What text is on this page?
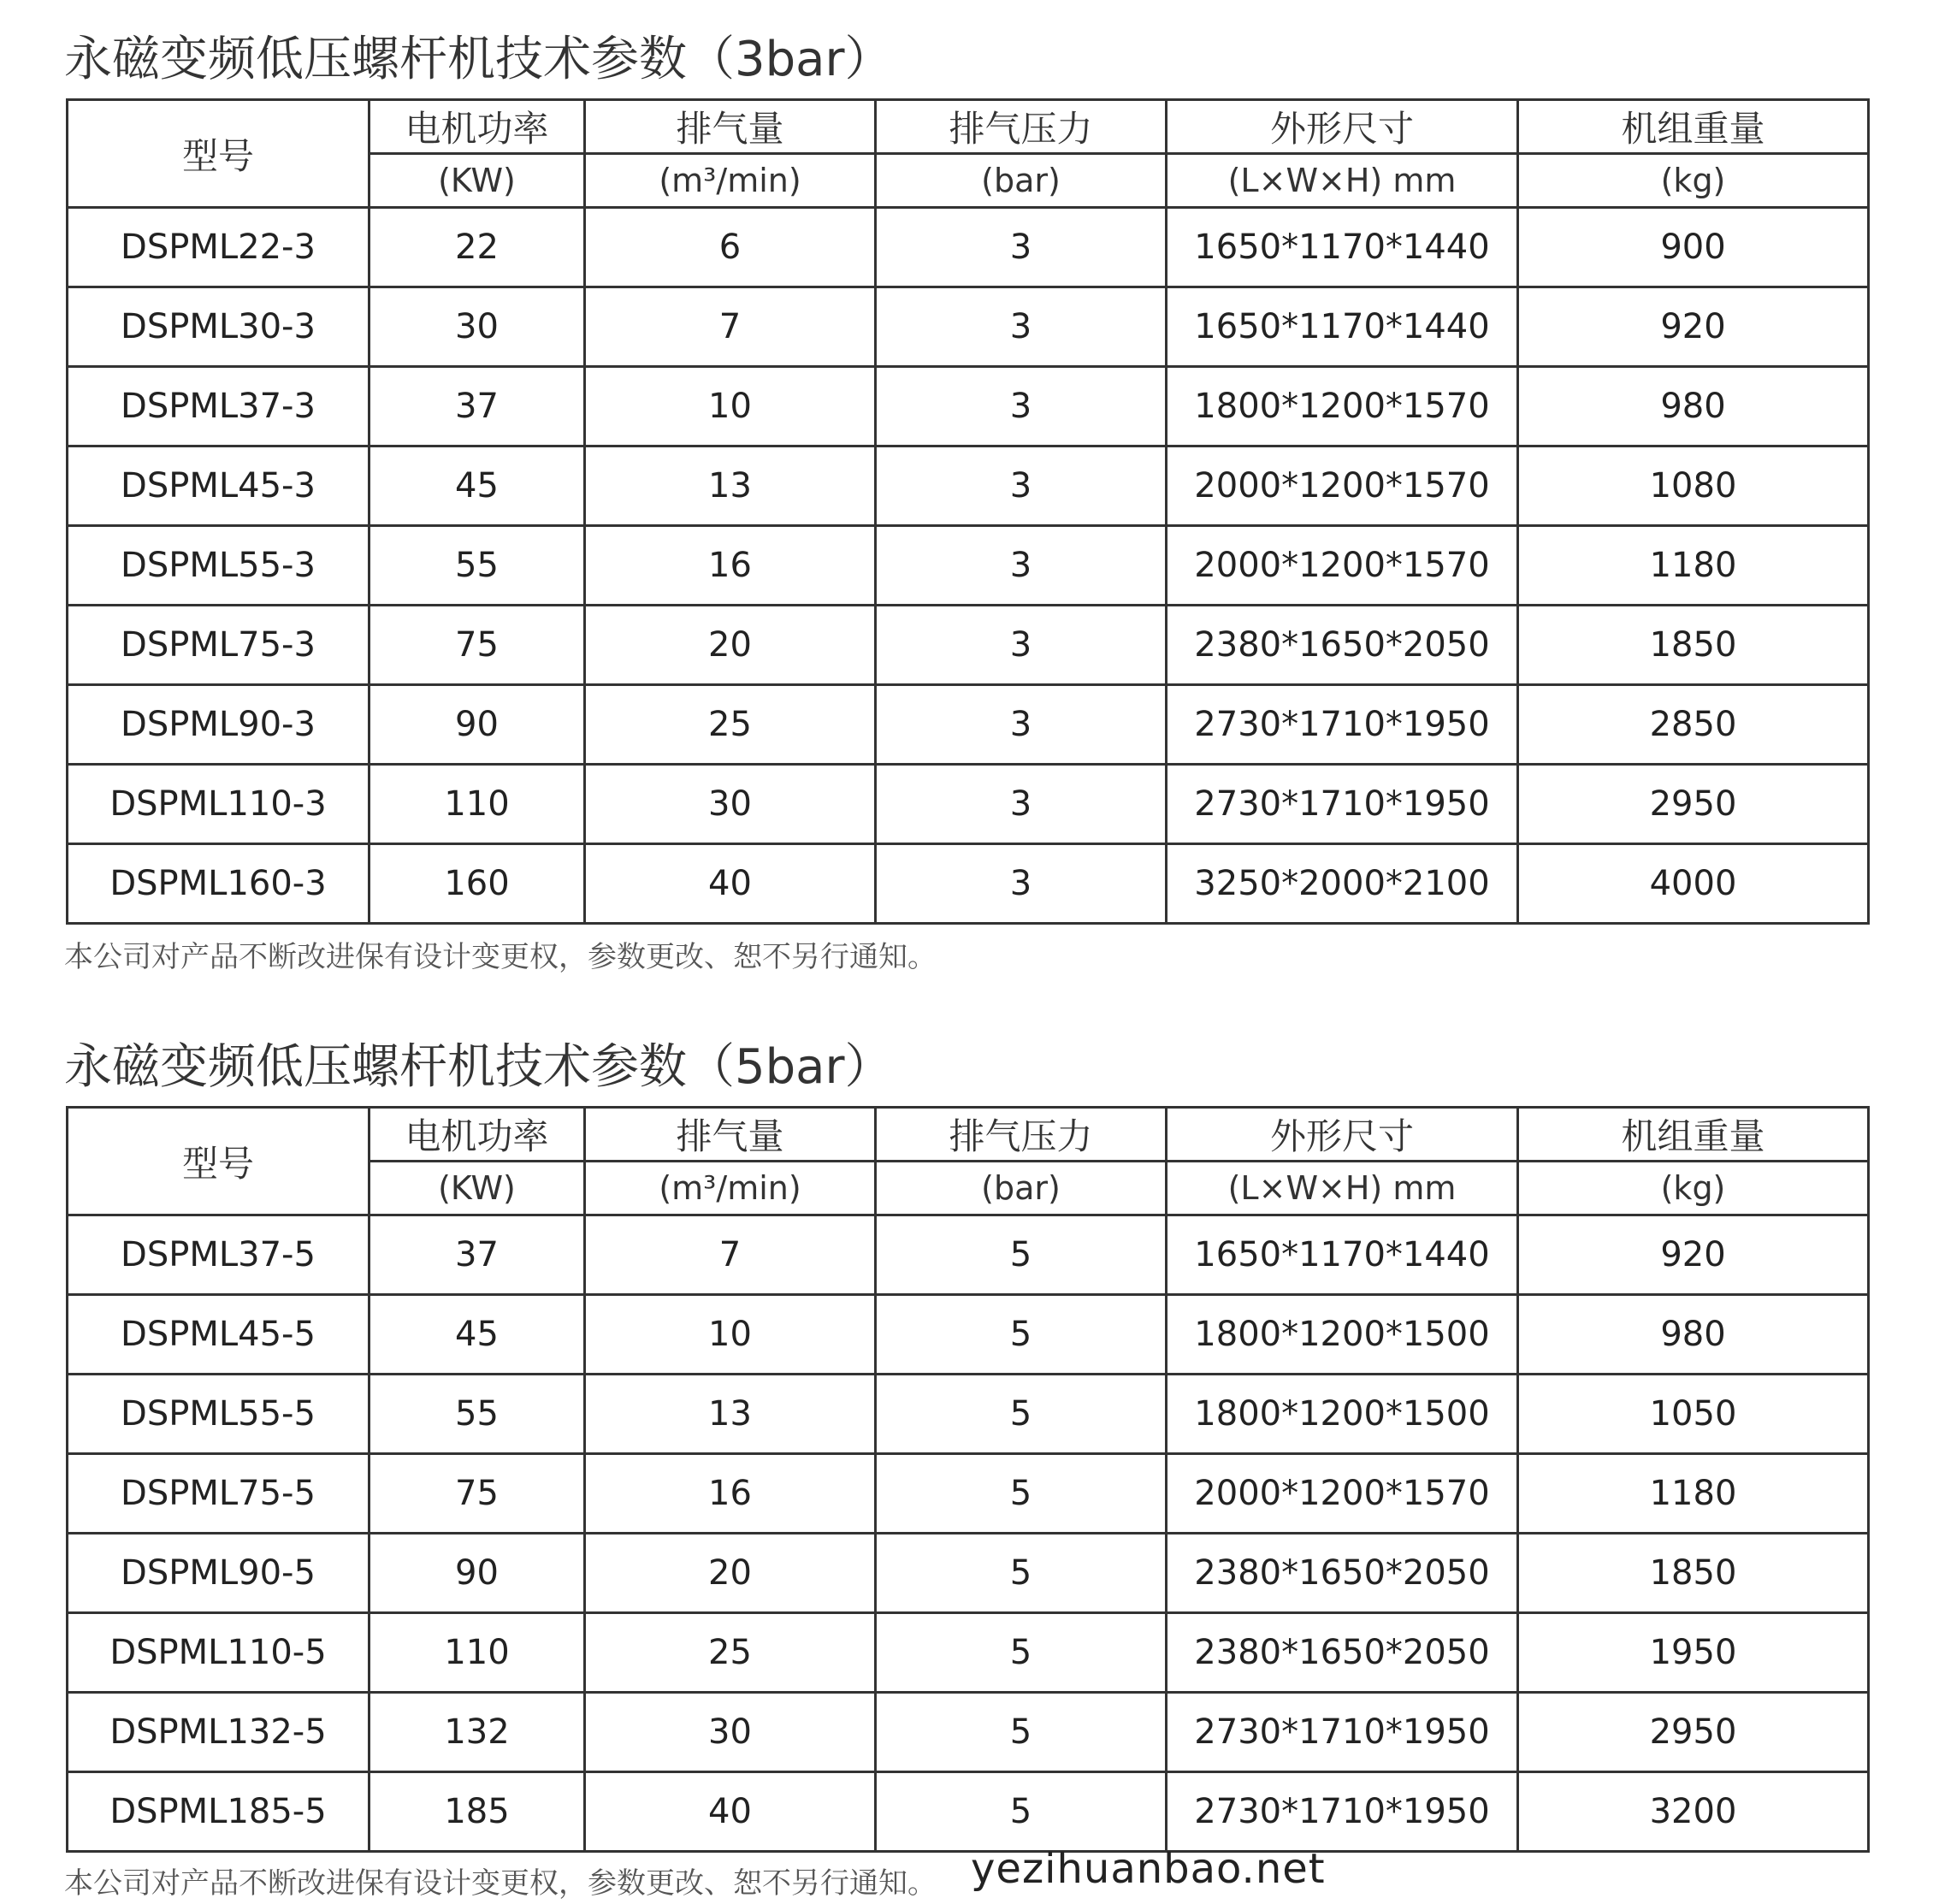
永磁变频低压螺杆机技术参数（3bar）
型号	电机功率	排气量	排气压力	外形尺寸	机组重量
	(KW)	(m³/min)	(bar)	(L×W×H) mm	(kg)
DSPML22-3	22	6	3	1650*1170*1440	900
DSPML30-3	30	7	3	1650*1170*1440	920
DSPML37-3	37	10	3	1800*1200*1570	980
DSPML45-3	45	13	3	2000*1200*1570	1080
DSPML55-3	55	16	3	2000*1200*1570	1180
DSPML75-3	75	20	3	2380*1650*2050	1850
DSPML90-3	90	25	3	2730*1710*1950	2850
DSPML110-3	110	30	3	2730*1710*1950	2950
DSPML160-3	160	40	3	3250*2000*2100	4000
本公司对产品不断改进保有设计变更权，参数更改、恕不另行通知。
永磁变频低压螺杆机技术参数（5bar）
型号	电机功率	排气量	排气压力	外形尺寸	机组重量
	(KW)	(m³/min)	(bar)	(L×W×H) mm	(kg)
DSPML37-5	37	7	5	1650*1170*1440	920
DSPML45-5	45	10	5	1800*1200*1500	980
DSPML55-5	55	13	5	1800*1200*1500	1050
DSPML75-5	75	16	5	2000*1200*1570	1180
DSPML90-5	90	20	5	2380*1650*2050	1850
DSPML110-5	110	25	5	2380*1650*2050	1950
DSPML132-5	132	30	5	2730*1710*1950	2950
DSPML185-5	185	40	5	2730*1710*1950	3200
本公司对产品不断改进保有设计变更权，参数更改、恕不另行通知。 yezihuanbao.net
